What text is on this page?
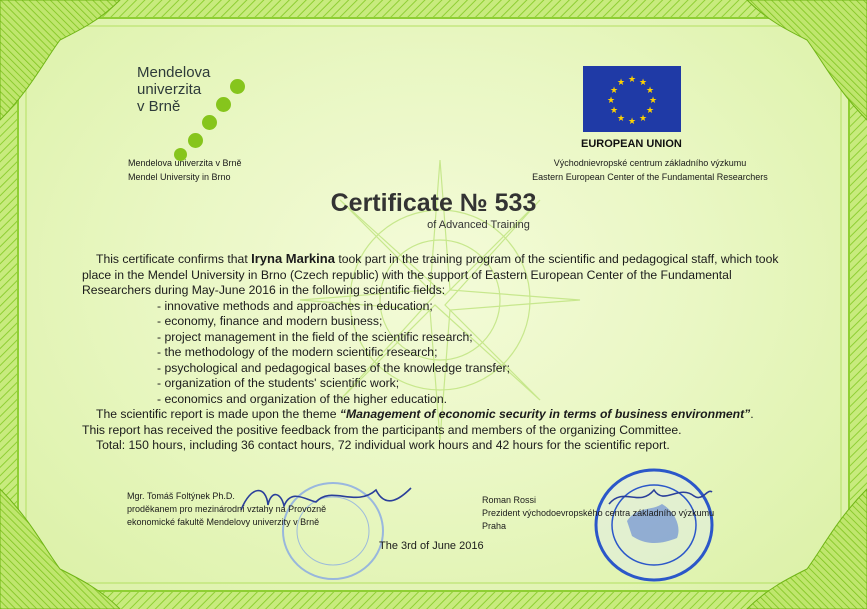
Mendelova
univerzita
v Brně
Mendelova univerzita v Brně
Mendel University in Brno
★ ★
★
★
★
★
★
★
★
★
★
★
EUROPEAN UNION
Východnievropské centrum základního výzkumu
Eastern European Center of the Fundamental Researchers
Certificate № 533
of Advanced Training

This certificate confirms that Iryna Markina took part in the training program of the scientific and pedagogical staff, which took place in the Mendel University in Brno (Czech republic) with the support of Eastern European Center of the Fundamental Researchers during May-June 2016 in the following scientific fields:

- innovative methods and approaches in education;
- economy, finance and modern business;
- project management in the field of the scientific research;
- the methodology of the modern scientific research;
- psychological and pedagogical bases of the knowledge transfer;
- organization of the students' scientific work;
- economics and organization of the higher education.

The scientific report is made upon the theme “Management of economic security in terms of business environment”.

This report has received the positive feedback from the participants and members of the organizing Committee.

Total: 150 hours, including 36 contact hours, 72 individual work hours and 42 hours for the scientific report.

Mgr. Tomáš Foltýnek Ph.D.
proděkanem pro mezinárodní vztahy na Provozně
ekonomické fakultě Mendelovy univerzity v Brně
Roman Rossi
Prezident východoevropského centra základního výzkumu
Praha
The 3rd of June 2016
